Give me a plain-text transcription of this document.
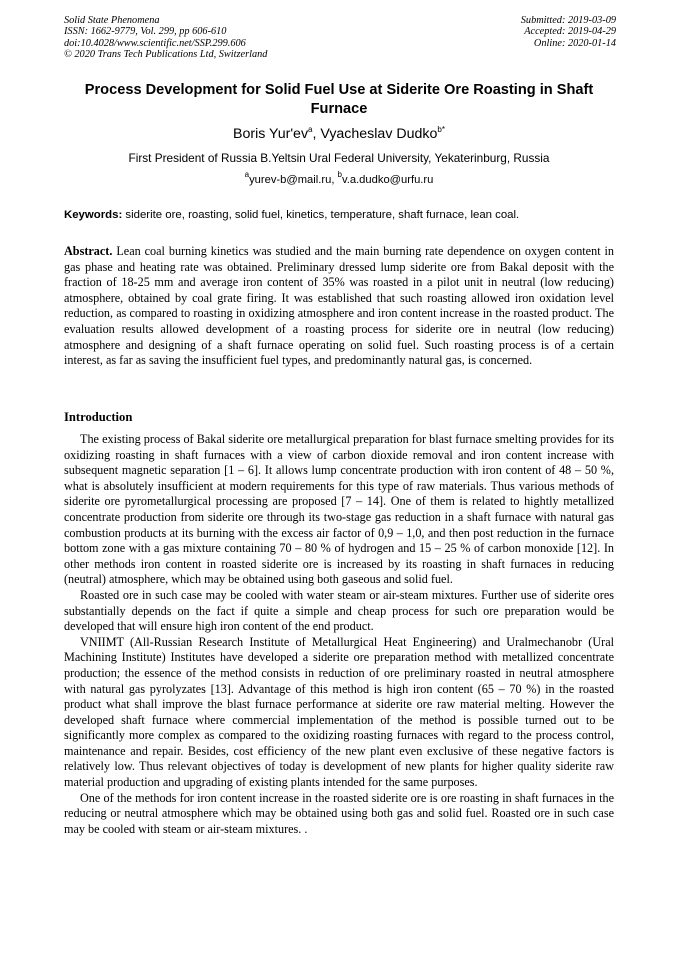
Solid State Phenomena
ISSN: 1662-9779, Vol. 299, pp 606-610
doi:10.4028/www.scientific.net/SSP.299.606
© 2020 Trans Tech Publications Ltd, Switzerland
Submitted: 2019-03-09
Accepted: 2019-04-29
Online: 2020-01-14
Process Development for Solid Fuel Use at Siderite Ore Roasting in Shaft Furnace
Boris $Yur'ev^a$, Vyacheslav Dudko$^{b*}$
First President of Russia B.Yeltsin Ural Federal University, Yekaterinburg, Russia
$^a$yurev-b@mail.ru, $^b$v.a.dudko@urfu.ru
Keywords: siderite ore, roasting, solid fuel, kinetics, temperature, shaft furnace, lean coal.
Abstract. Lean coal burning kinetics was studied and the main burning rate dependence on oxygen content in gas phase and heating rate was obtained. Preliminary dressed lump siderite ore from Bakal deposit with the fraction of 18-25 mm and average iron content of 35% was roasted in a pilot unit in neutral (low reducing) atmosphere, obtained by coal grate firing. It was established that such roasting allowed iron oxidation level reduction, as compared to roasting in oxidizing atmosphere and iron content increase in the roasted product. The evaluation results allowed development of a roasting process for siderite ore in neutral (low reducing) atmosphere and designing of a shaft furnace operating on solid fuel. Such roasting process is of a certain interest, as far as saving the insufficient fuel types, and predominantly natural gas, is concerned.
Introduction

The existing process of Bakal siderite ore metallurgical preparation for blast furnace smelting provides for its oxidizing roasting in shaft furnaces with a view of carbon dioxide removal and iron content increase with subsequent magnetic separation [1 – 6]. It allows lump concentrate production with iron content of 48 – 50 %, what is absolutely insufficient at modern requirements for this type of raw materials. Thus various methods of siderite ore pyrometallurgical processing are proposed [7 – 14]. One of them is related to hightly metallized concentrate production from siderite ore through its two-stage gas reduction in a shaft furnace with natural gas combustion products at its burning with the excess air factor of 0,9 – 1,0, and then post reduction in the furnace bottom zone with a gas mixture containing 70 – 80 % of hydrogen and 15 – 25 % of carbon monoxide [12]. In other methods iron content in roasted siderite ore is increased by its roasting in shaft furnaces in reducing (neutral) atmosphere, which may be obtained using both gaseous and solid fuel.

Roasted ore in such case may be cooled with water steam or air-steam mixtures. Further use of siderite ores substantially depends on the fact if quite a simple and cheap process for such ore preparation would be developed that will ensure high iron content of the end product.

VNIIMT (All-Russian Research Institute of Metallurgical Heat Engineering) and Uralmechanobr (Ural Machining Institute) Institutes have developed a siderite ore preparation method with metallized concentrate production; the essence of the method consists in reduction of ore preliminary roasted in neutral atmosphere with natural gas pyrolyzates [13]. Advantage of this method is high iron content (65 – 70 %) in the roasted product what shall improve the blast furnace performance at siderite ore raw material melting. However the developed shaft furnace where commercial implementation of the method is possible turned out to be significantly more complex as compared to the oxidizing roasting furnaces with regard to the process control, maintenance and repair. Besides, cost efficiency of the new plant even exclusive of these negative factors is relatively low. Thus relevant objectives of today is development of new plants for higher quality siderite raw material production and upgrading of existing plants intended for the same purposes.

One of the methods for iron content increase in the roasted siderite ore is ore roasting in shaft furnaces in the reducing or neutral atmosphere which may be obtained using both gas and solid fuel. Roasted ore in such case may be cooled with steam or air-steam mixtures. .
